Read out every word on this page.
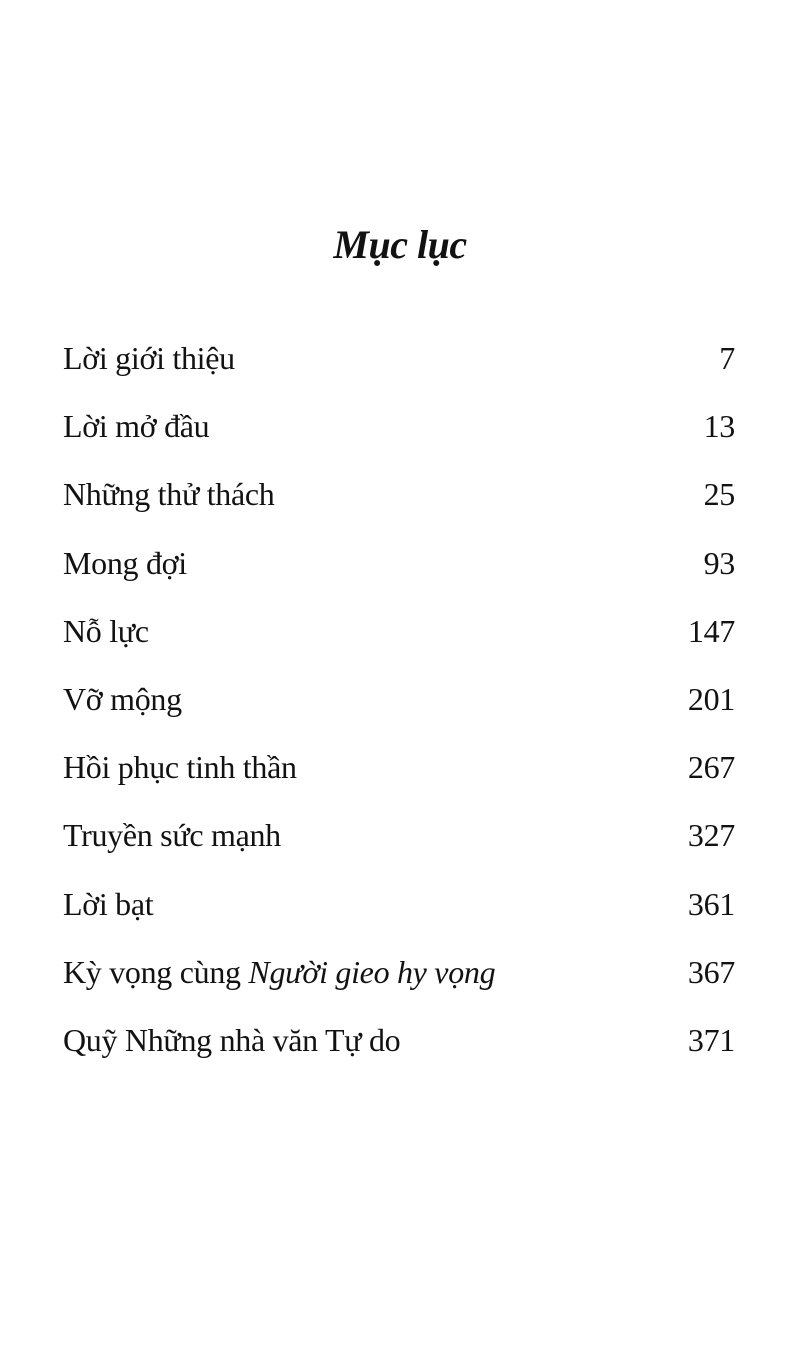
Mục lục
Lời giới thiệu	7
Lời mở đầu	13
Những thử thách	25
Mong đợi	93
Nỗ lực	147
Vỡ mộng	201
Hồi phục tinh thần	267
Truyền sức mạnh	327
Lời bạt	361
Kỳ vọng cùng Người gieo hy vọng	367
Quỹ Những nhà văn Tự do	371
